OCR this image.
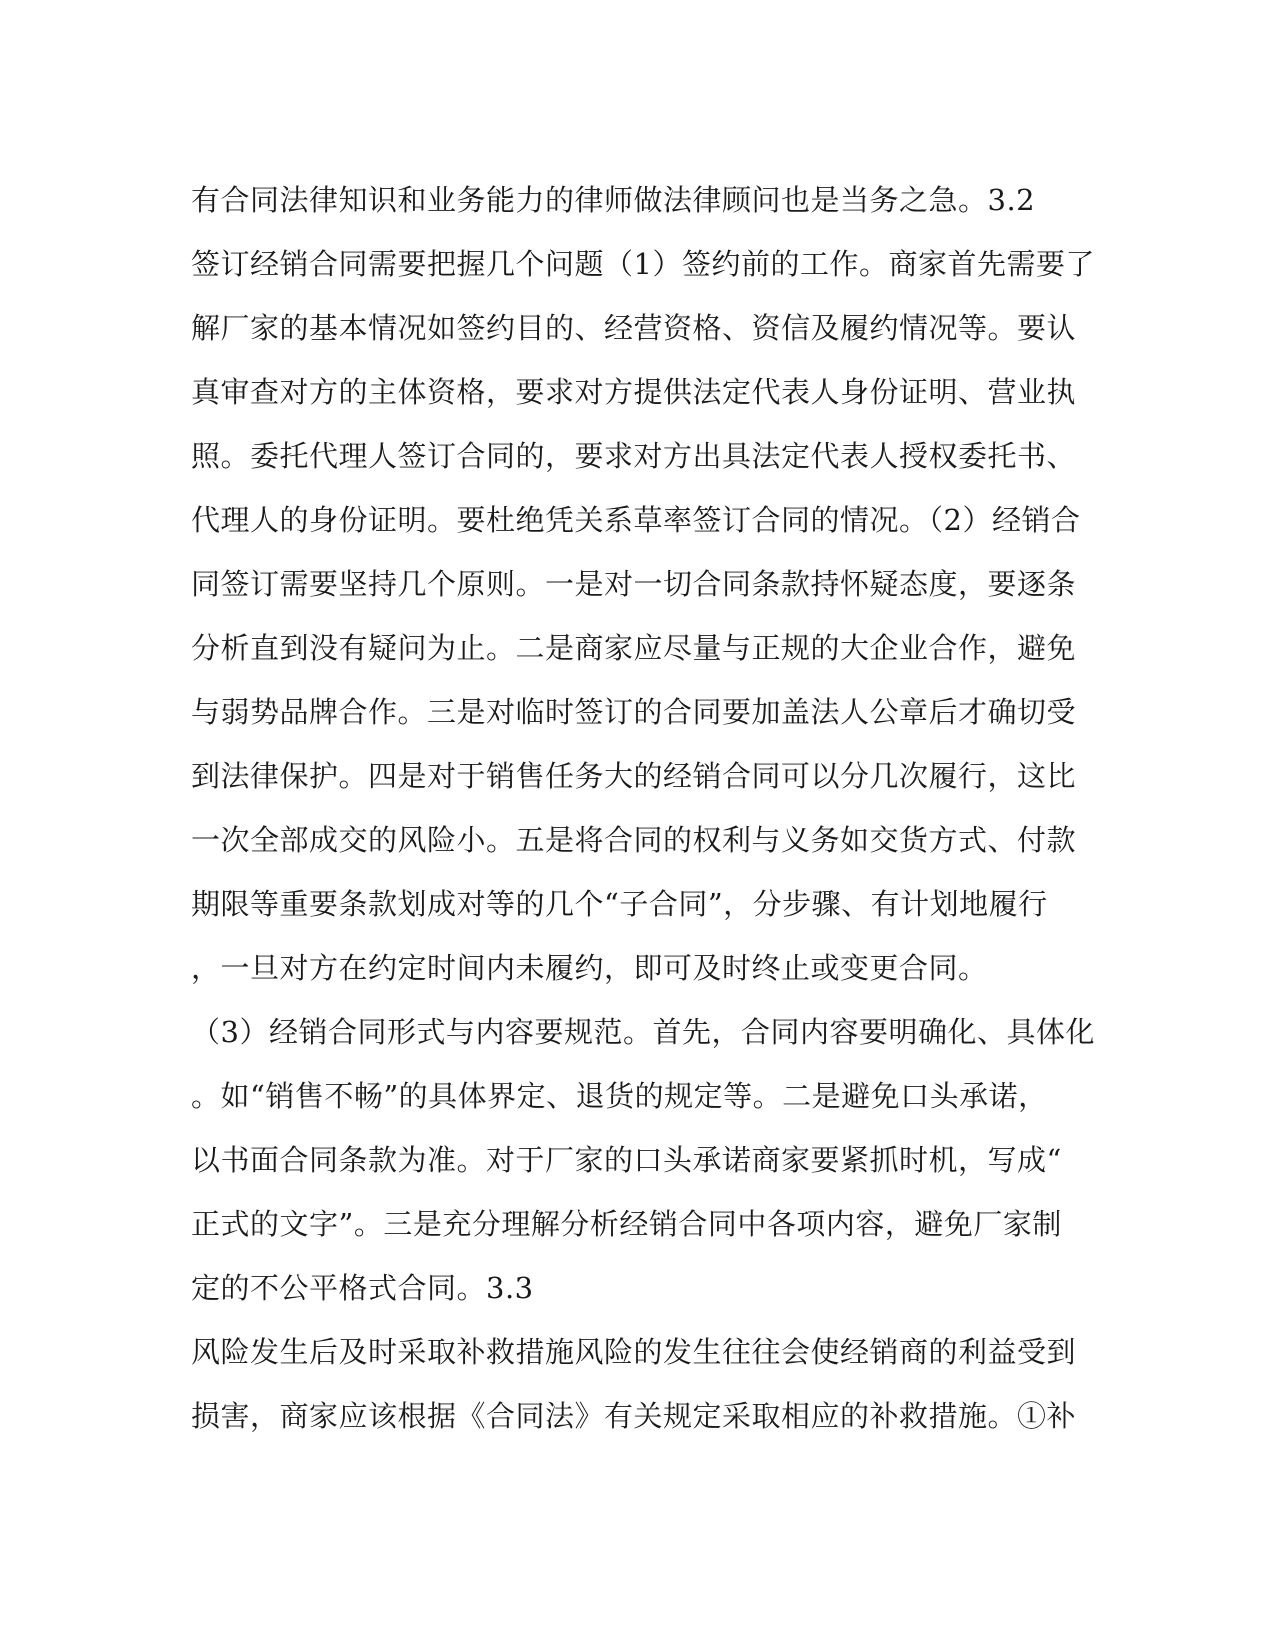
有合同法律知识和业务能力的律师做法律顾问也是当务之急。3.2
签订经销合同需要把握几个问题（1）签约前的工作。商家首先需要了
解厂家的基本情况如签约目的、经营资格、资信及履约情况等。要认
真审查对方的主体资格，要求对方提供法定代表人身份证明、营业执
照。委托代理人签订合同的，要求对方出具法定代表人授权委托书、
代理人的身份证明。要杜绝凭关系草率签订合同的情况。（2）经销合
同签订需要坚持几个原则。一是对一切合同条款持怀疑态度，要逐条
分析直到没有疑问为止。二是商家应尽量与正规的大企业合作，避免
与弱势品牌合作。三是对临时签订的合同要加盖法人公章后才确切受
到法律保护。四是对于销售任务大的经销合同可以分几次履行，这比
一次全部成交的风险小。五是将合同的权利与义务如交货方式、付款
期限等重要条款划成对等的几个“子合同”，分步骤、有计划地履行
，一旦对方在约定时间内未履约，即可及时终止或变更合同。
（3）经销合同形式与内容要规范。首先，合同内容要明确化、具体化
。如“销售不畅”的具体界定、退货的规定等。二是避免口头承诺，
以书面合同条款为准。对于厂家的口头承诺商家要紧抓时机，写成“
正式的文字”。三是充分理解分析经销合同中各项内容，避免厂家制
定的不公平格式合同。3.3
风险发生后及时采取补救措施风险的发生往往会使经销商的利益受到
损害，商家应该根据《合同法》有关规定采取相应的补救措施。①补
